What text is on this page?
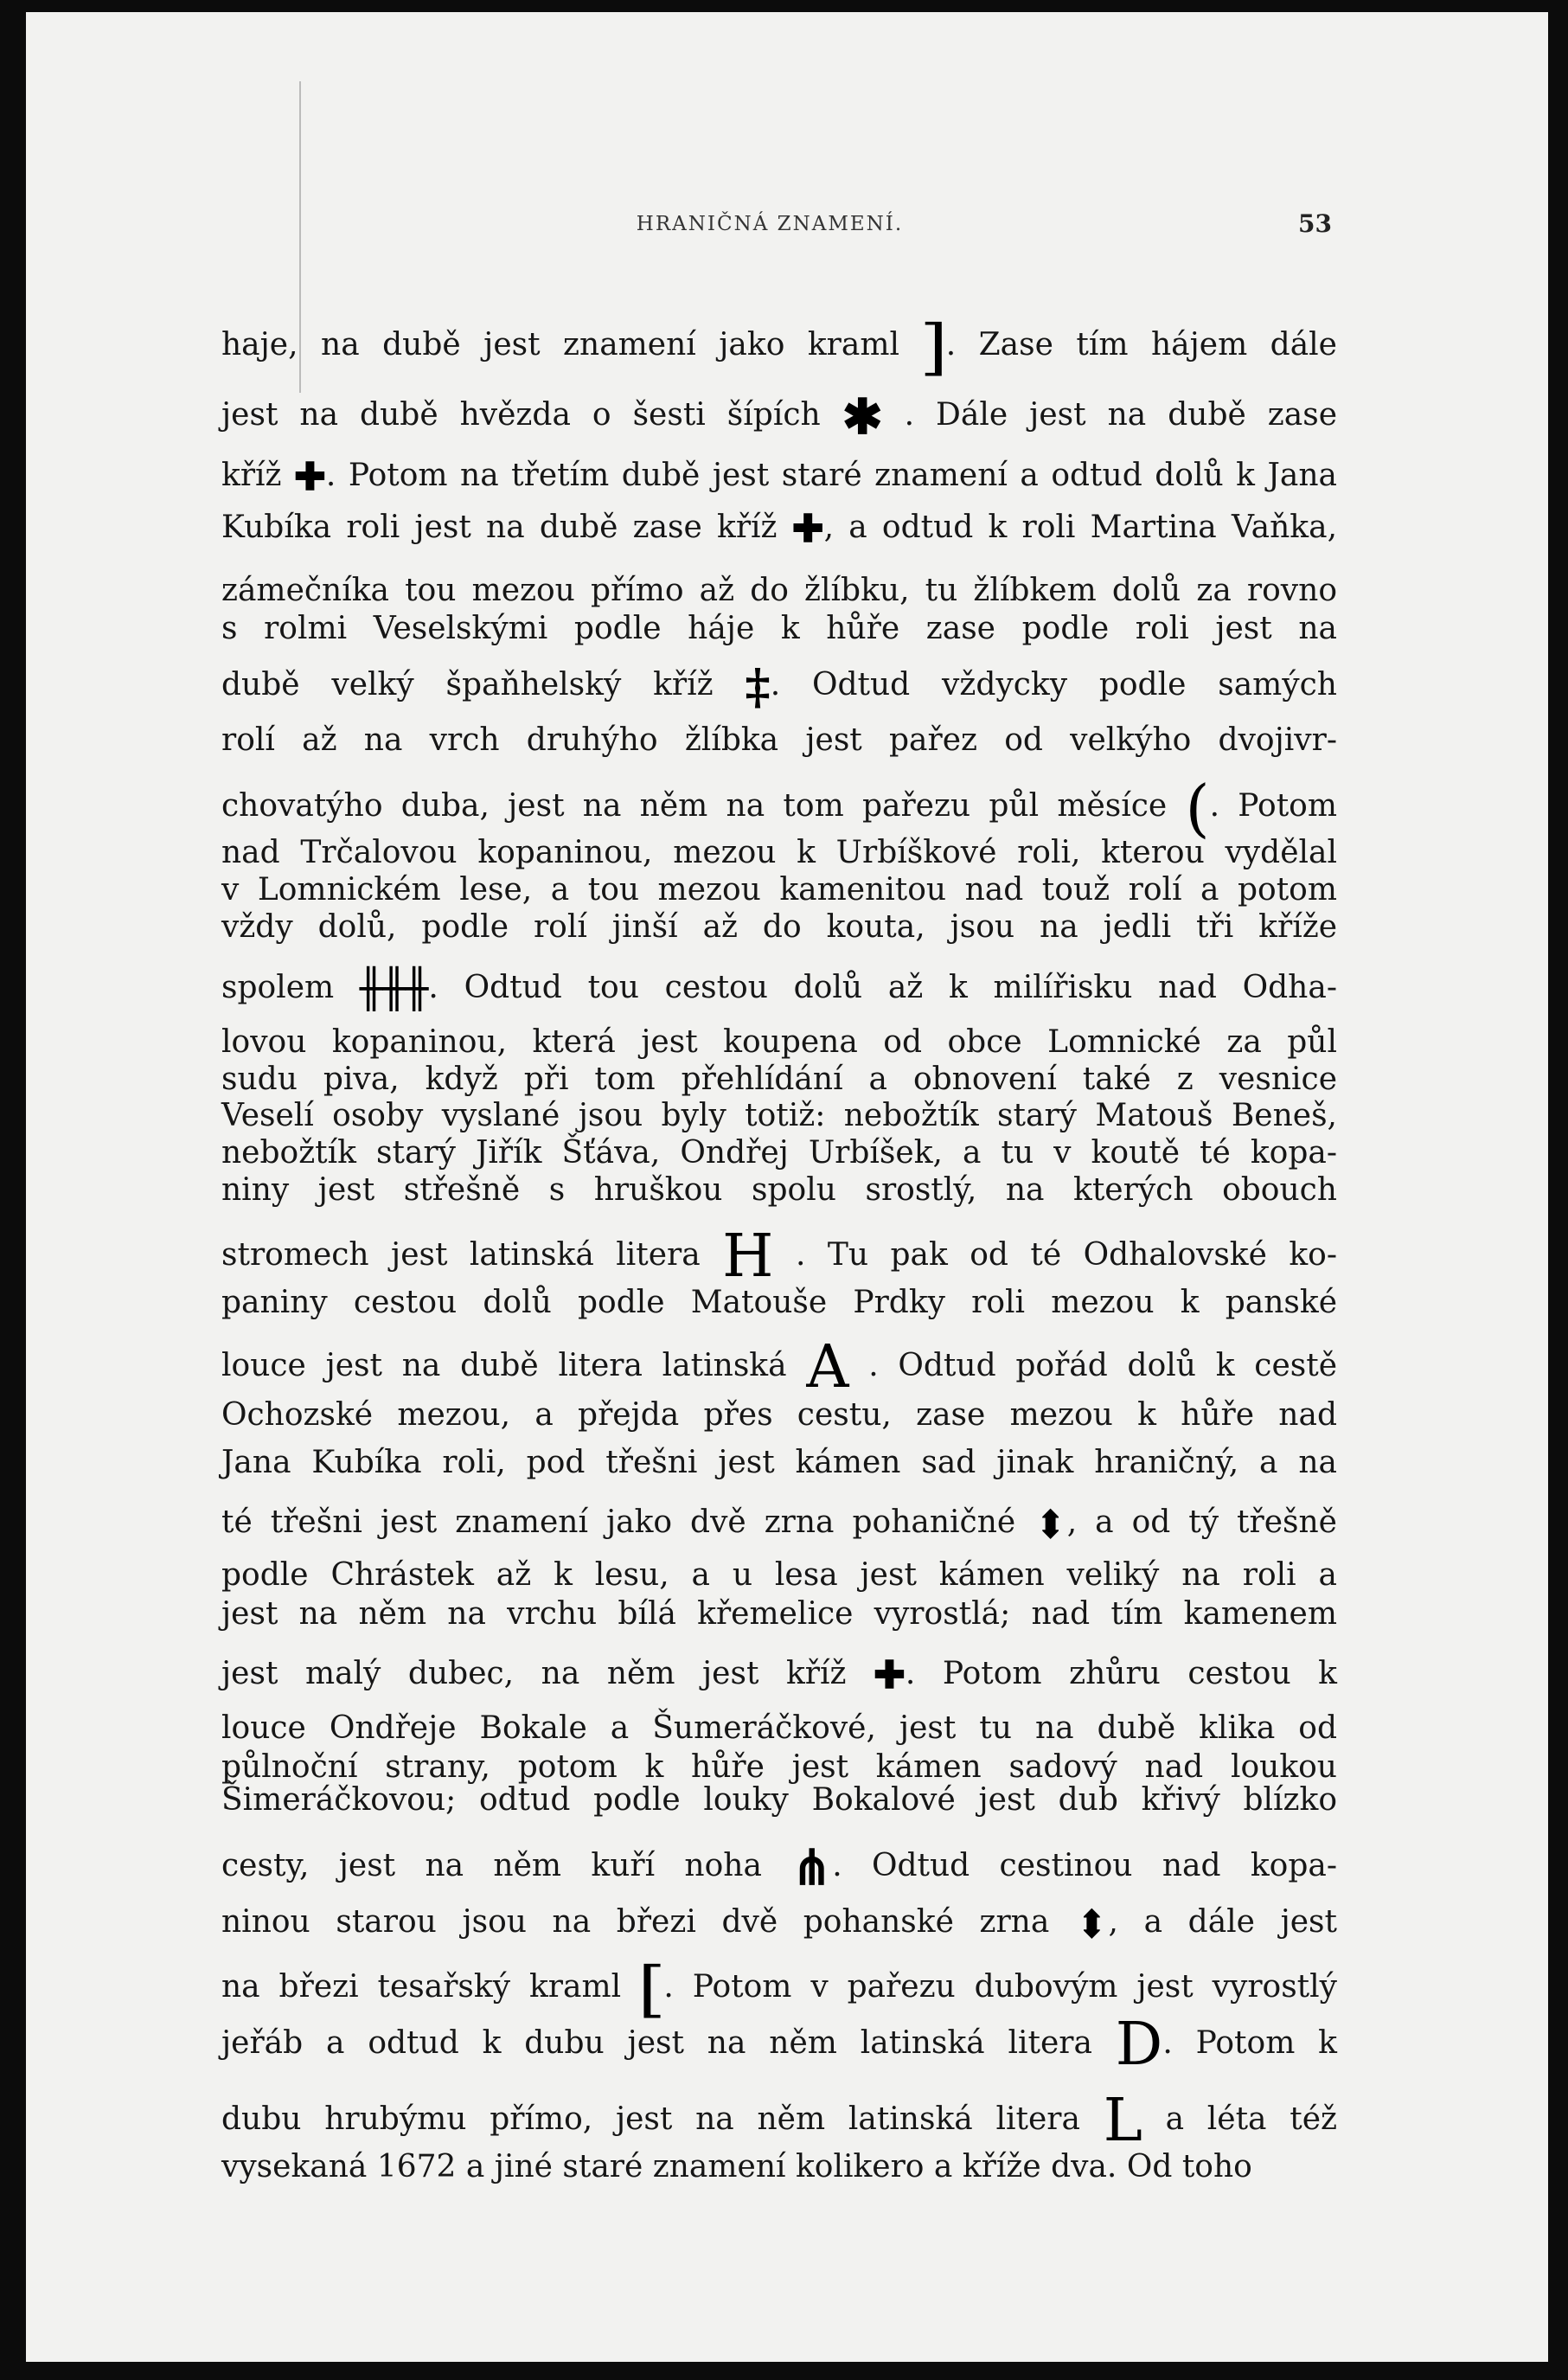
HRANIČNÁ ZNAMENÍ.	53
haje, na dubě jest znamení jako kraml ]. Zase tím hájem dále
jest na dubě hvězda o šesti šípích ✱ . Dále jest na dubě zase
kříž ✚. Potom na třetím dubě jest staré znamení a odtud dolů k Jana
Kubíka roli jest na dubě zase kříž ✚, a odtud k roli Martina Vaňka,
zámečníka tou mezou přímo až do žlíbku, tu žlíbkem dolů za rovno
s rolmi Veselskými podle háje k hůře zase podle roli jest na
dubě velký špaňhelský kříž ‡. Odtud vždycky podle samých
rolí až na vrch druhýho žlíbka jest pařez od velkýho dvojivr-
chovatýho duba, jest na něm na tom pařezu půl měsíce (. Potom
nad Trčalovou kopaninou, mezou k Urbíškové roli, kterou vydělal
v Lomnickém lese, a tou mezou kamenitou nad touž rolí a potom
vždy dolů, podle rolí jinší až do kouta, jsou na jedli tři kříže
spolem ╫╫╫. Odtud tou cestou dolů až k milířisku nad Odha-
lovou kopaninou, která jest koupena od obce Lomnické za půl
sudu piva, když při tom přehlídání a obnovení také z vesnice
Veselí osoby vyslané jsou byly totiž: nebožtík starý Matouš Beneš,
nebožtík starý Jiřík Šťáva, Ondřej Urbíšek, a tu v koutě té kopa-
niny jest střešně s hruškou spolu srostlý, na kterých obouch
stromech jest latinská litera H . Tu pak od té Odhalovské ko-
paniny cestou dolů podle Matouše Prdky roli mezou k panské
louce jest na dubě litera latinská A . Odtud pořád dolů k cestě
Ochozské mezou, a přejda přes cestu, zase mezou k hůře nad
Jana Kubíka roli, pod třešni jest kámen sad jinak hraničný, a na
té třešni jest znamení jako dvě zrna pohaničné ⬍, a od tý třešně
podle Chrástek až k lesu, a u lesa jest kámen veliký na roli a
jest na něm na vrchu bílá křemelice vyrostlá; nad tím kamenem
jest malý dubec, na něm jest kříž ✚. Potom zhůru cestou k
louce Ondřeje Bokale a Šumeráčkové, jest tu na dubě klika od
půlnoční strany, potom k hůře jest kámen sadový nad loukou
Šimeráčkovou; odtud podle louky Bokalové jest dub křivý blízko
cesty, jest na něm kuří noha ⋔. Odtud cestinou nad kopa-
ninou starou jsou na březi dvě pohanské zrna ⬍, a dále jest
na březi tesařský kraml [. Potom v pařezu dubovým jest vyrostlý
jeřáb a odtud k dubu jest na něm latinská litera D. Potom k
dubu hrubýmu přímo, jest na něm latinská litera L a léta též
vysekaná 1672 a jiné staré znamení kolikero a kříže dva. Od toho
